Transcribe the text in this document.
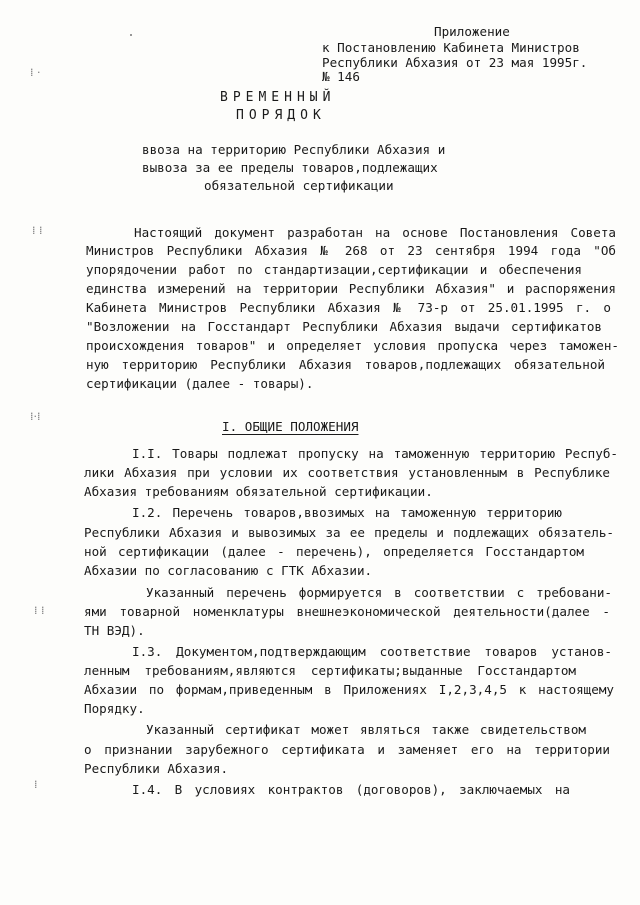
⁞ ·
⁞ ⁞
⁞·⁞
⁞ ⁞
⁞
Приложение
к Постановлению Кабинета Министров
Республики Абхазия от 23 мая 1995г.
№ 146
ВРЕМЕННЫЙ
ПОРЯДОК
ввоза на территорию Республики Абхазия и
вывоза за ее пределы товаров,подлежащих
обязательной сертификации
Настоящий документ разработан на основе Постановления Совета
Министров Республики Абхазия № 268 от 23 сентября 1994 года "Об
упорядочении работ по стандартизации,сертификации и обеспечения
единства измерений на территории Республики Абхазия" и распоряжения
Кабинета Министров Республики Абхазия № 73-р от 25.01.1995 г. о
"Возложении на Госстандарт Республики Абхазия выдачи сертификатов
происхождения товаров" и определяет условия пропуска через таможен-
ную территорию Республики Абхазия товаров,подлежащих обязательной
сертификации (далее - товары).
I. ОБЩИЕ ПОЛОЖЕНИЯ
I.I. Товары подлежат пропуску на таможенную территорию Респуб-
лики Абхазия при условии их соответствия установленным в Республике
Абхазия требованиям обязательной сертификации.
I.2. Перечень товаров,ввозимых на таможенную территорию
Республики Абхазия и вывозимых за ее пределы и подлежащих обязатель-
ной сертификации (далее - перечень), определяется Госстандартом
Абхазии по согласованию с ГТК Абхазии.
Указанный перечень формируется в соответствии с требовани-
ями товарной номенклатуры внешнеэкономической деятельности(далее -
ТН ВЭД).
I.3. Документом,подтверждающим соответствие товаров установ-
ленным требованиям,являются сертификаты;выданные Госстандартом
Абхазии по формам,приведенным в Приложениях I,2,3,4,5 к настоящему
Порядку.
Указанный сертификат может являться также свидетельством
о признании зарубежного сертификата и заменяет его на территории
Республики Абхазия.
I.4. В условиях контрактов (договоров), заключаемых на
